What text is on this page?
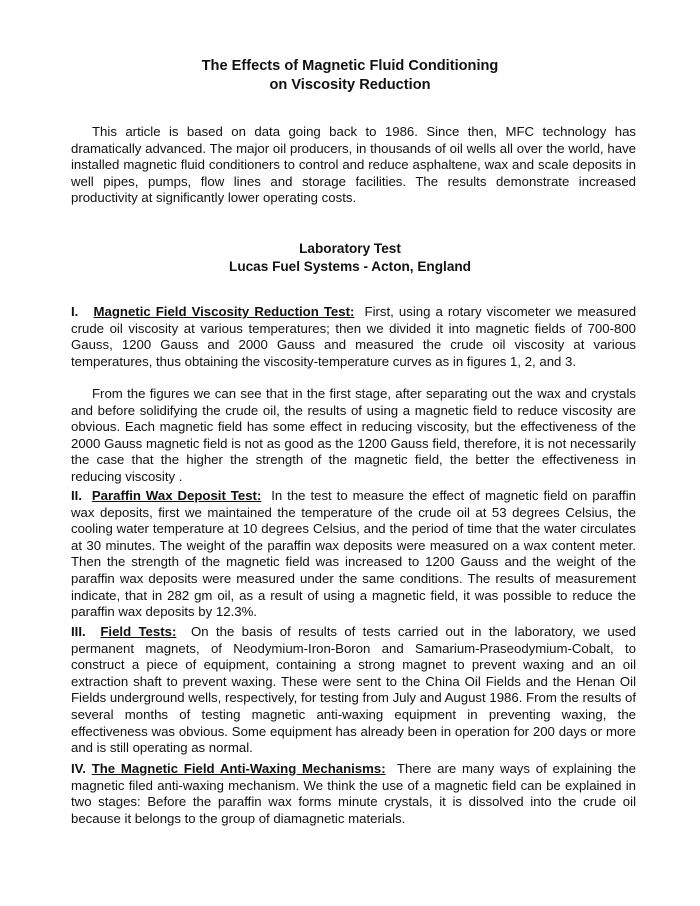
The Effects of Magnetic Fluid Conditioning
on Viscosity Reduction

This article is based on data going back to 1986. Since then, MFC technology has dramatically advanced. The major oil producers, in thousands of oil wells all over the world, have installed magnetic fluid conditioners to control and reduce asphaltene, wax and scale deposits in well pipes, pumps, flow lines and storage facilities. The results demonstrate increased productivity at significantly lower operating costs.

Laboratory Test
Lucas Fuel Systems - Acton, England

I. Magnetic Field Viscosity Reduction Test: First, using a rotary viscometer we measured crude oil viscosity at various temperatures; then we divided it into magnetic fields of 700-800 Gauss, 1200 Gauss and 2000 Gauss and measured the crude oil viscosity at various temperatures, thus obtaining the viscosity-temperature curves as in figures 1, 2, and 3.

From the figures we can see that in the first stage, after separating out the wax and crystals and before solidifying the crude oil, the results of using a magnetic field to reduce viscosity are obvious. Each magnetic field has some effect in reducing viscosity, but the effectiveness of the 2000 Gauss magnetic field is not as good as the 1200 Gauss field, therefore, it is not necessarily the case that the higher the strength of the magnetic field, the better the effectiveness in reducing viscosity .

II. Paraffin Wax Deposit Test: In the test to measure the effect of magnetic field on paraffin wax deposits, first we maintained the temperature of the crude oil at 53 degrees Celsius, the cooling water temperature at 10 degrees Celsius, and the period of time that the water circulates at 30 minutes. The weight of the paraffin wax deposits were measured on a wax content meter. Then the strength of the magnetic field was increased to 1200 Gauss and the weight of the paraffin wax deposits were measured under the same conditions. The results of measurement indicate, that in 282 gm oil, as a result of using a magnetic field, it was possible to reduce the paraffin wax deposits by 12.3%.

III. Field Tests: On the basis of results of tests carried out in the laboratory, we used permanent magnets, of Neodymium-Iron-Boron and Samarium-Praseodymium-Cobalt, to construct a piece of equipment, containing a strong magnet to prevent waxing and an oil extraction shaft to prevent waxing. These were sent to the China Oil Fields and the Henan Oil Fields underground wells, respectively, for testing from July and August 1986. From the results of several months of testing magnetic anti-waxing equipment in preventing waxing, the effectiveness was obvious. Some equipment has already been in operation for 200 days or more and is still operating as normal.

IV. The Magnetic Field Anti-Waxing Mechanisms: There are many ways of explaining the magnetic filed anti-waxing mechanism. We think the use of a magnetic field can be explained in two stages: Before the paraffin wax forms minute crystals, it is dissolved into the crude oil because it belongs to the group of diamagnetic materials.
